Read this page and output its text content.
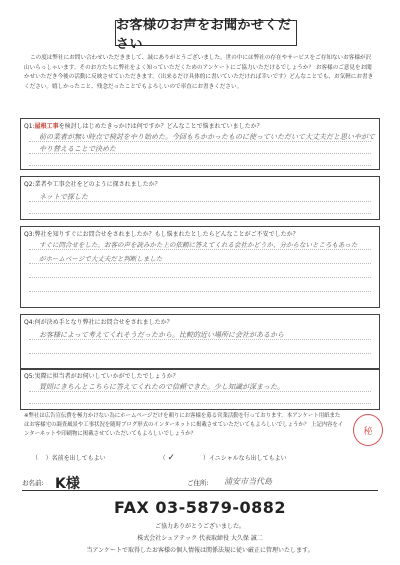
お客様のお声をお聞かせください
この度は弊社にお問い合わせいただきまして、誠にありがとうございました。世の中には弊社の存在やサービスをご存知ないお客様が沢山いらっしゃいます。そのお方たちに弊社をよく知っていただくためのアンケートにご協力いただけるでしょうか？ お客様のご意見をお聞かせいただき今後の活動に反映させていただきます。（出来るだけ具体的に書いていただければ幸いです）どんなことでも、お気軽にお書きください。嬉しかったこと、残念だったことでもよろしいので率直にお書きください。
Q1:屋根工事を検討しはじめたきっかけは何ですか？どんなことで悩まれていましたか？
前の業者が無い時点で検討をやり始めた。今回もちかかったものに使っていただいて大丈夫だと思いやがて
やり替えることで決めた
Q2:業者や工事会社をどのように探されましたか？
ネットで探した
Q3:弊社を知りすぐにお問合せをされましたか？もし悩まれたとしたらどんなことがご不安でしたか？
すぐに問合せをした。お客の声を読みかた上の依頼に答えてくれる会社かどうか、分からないところもあった
がホームページで大丈夫だと判断しました
Q4:何が決め手となり弊社にお問合せをされましたか？
お客様によって考えてくれそうだったから。比較的近い場所に会社があるから
Q5:実際に担当者がお伺いしていかがでしたでしょうか？
質問にきちんとこちらに答えてくれたので信頼できた。少し知識が深まった。
※弊社は広告宣伝費を極力かけない為にホームページだけを頼りにお客様を募る営業活動を行っております。本アンケート用紙またはお客様宅の調査風景や工事状況を随時ブログ形式のインターネットに掲載させていただいてもよろしいでしょうか？ 上記内容をインターネットや印刷物に掲載させていただいてもよろしいでしょうか？
（    ）名前を出してもよい	（ ✓	）イニシャルなら出してもよい
秘
お名前: K様	ご住所: 浦安市当代島
FAX 03-5879-0882
ご協力ありがとうございました。
株式会社シェアテック 代表取締役 大久保 誠二
当アンケートで取得したお客様の個人情報は関係法規に従い厳正に管理いたします。
